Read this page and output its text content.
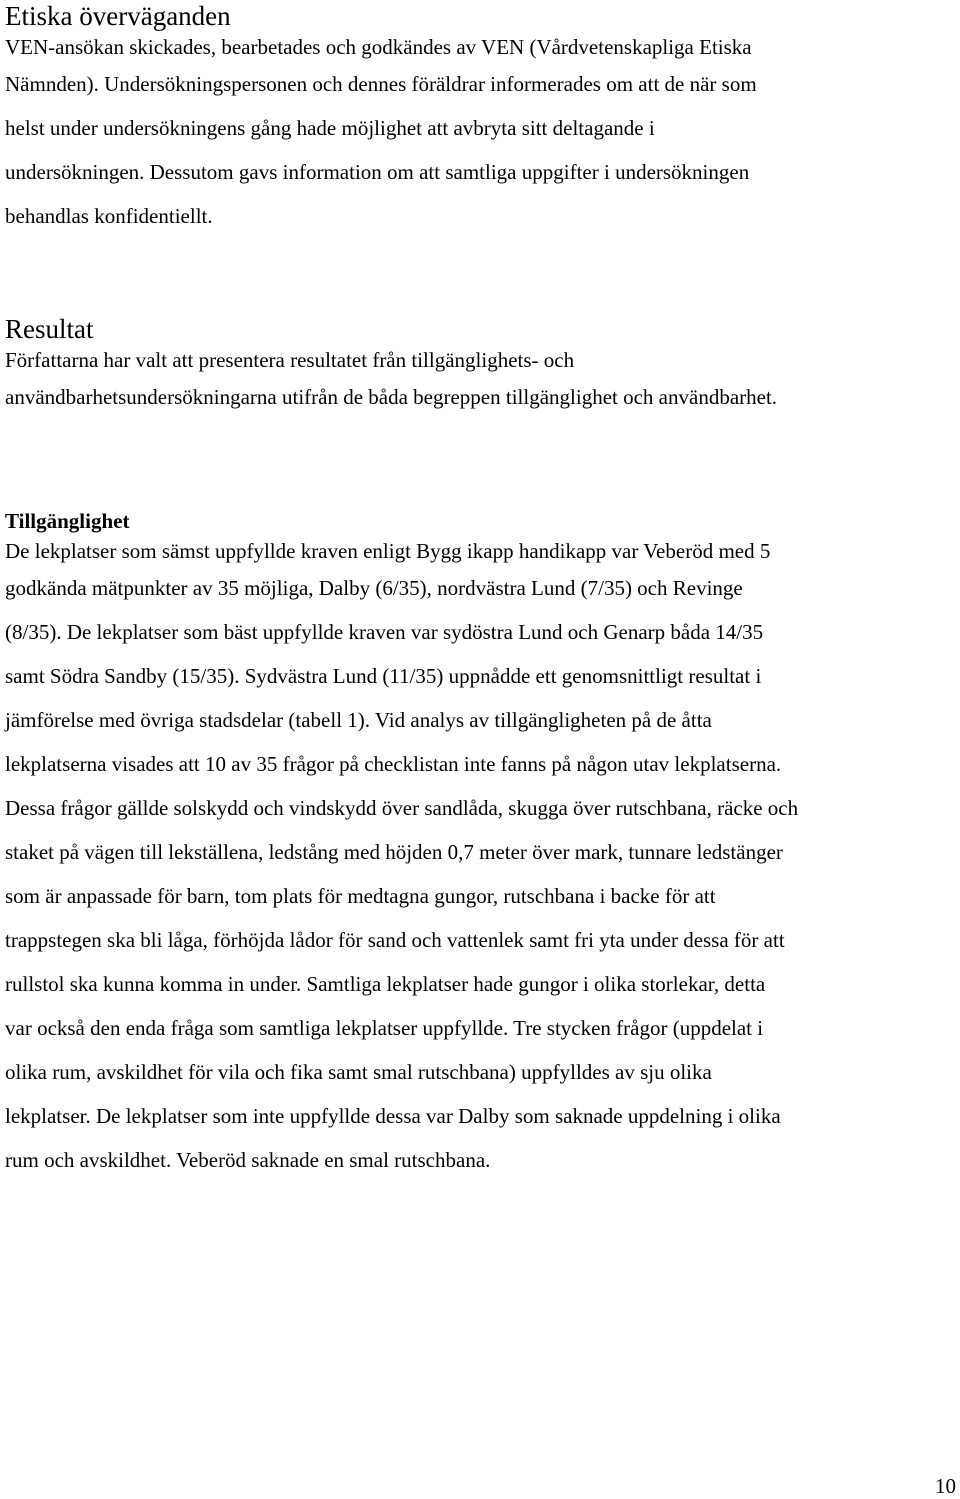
Etiska överväganden
VEN-ansökan skickades, bearbetades och godkändes av VEN (Vårdvetenskapliga Etiska
Nämnden). Undersökningspersonen och dennes föräldrar informerades om att de när som
helst under undersökningens gång hade möjlighet att avbryta sitt deltagande i
undersökningen. Dessutom gavs information om att samtliga uppgifter i undersökningen
behandlas konfidentiellt.
Resultat
Författarna har valt att presentera resultatet från tillgänglighets- och
användbarhetsundersökningarna utifrån de båda begreppen tillgänglighet och användbarhet.
Tillgänglighet
De lekplatser som sämst uppfyllde kraven enligt Bygg ikapp handikapp var Veberöd med 5
godkända mätpunkter av 35 möjliga, Dalby (6/35), nordvästra Lund (7/35) och Revinge
(8/35). De lekplatser som bäst uppfyllde kraven var sydöstra Lund och Genarp båda 14/35
samt Södra Sandby (15/35). Sydvästra Lund (11/35) uppnådde ett genomsnittligt resultat i
jämförelse med övriga stadsdelar (tabell 1). Vid analys av tillgängligheten på de åtta
lekplatserna visades att 10 av 35 frågor på checklistan inte fanns på någon utav lekplatserna.
Dessa frågor gällde solskydd och vindskydd över sandlåda, skugga över rutschbana, räcke och
staket på vägen till lekställena, ledstång med höjden 0,7 meter över mark, tunnare ledstänger
som är anpassade för barn, tom plats för medtagna gungor, rutschbana i backe för att
trappstegen ska bli låga, förhöjda lådor för sand och vattenlek samt fri yta under dessa för att
rullstol ska kunna komma in under. Samtliga lekplatser hade gungor i olika storlekar, detta
var också den enda fråga som samtliga lekplatser uppfyllde. Tre stycken frågor (uppdelat i
olika rum, avskildhet för vila och fika samt smal rutschbana) uppfylldes av sju olika
lekplatser. De lekplatser som inte uppfyllde dessa var Dalby som saknade uppdelning i olika
rum och avskildhet. Veberöd saknade en smal rutschbana.
10
